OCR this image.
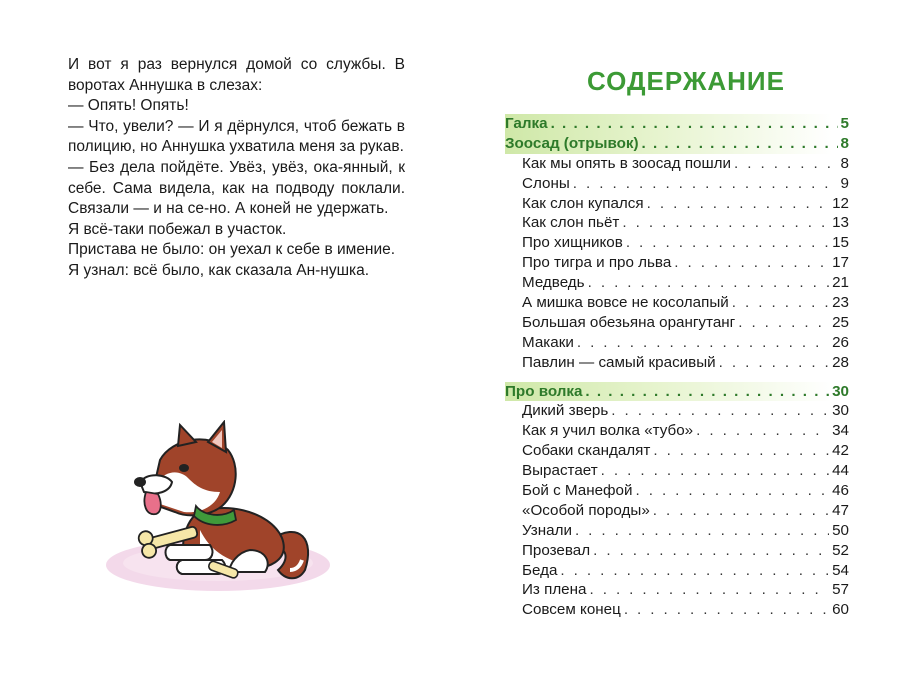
И вот я раз вернулся домой со службы. В воротах Аннушка в слезах:

— Опять! Опять!

— Что, увели? — И я дёрнулся, чтоб бежать в полицию, но Аннушка ухватила меня за рукав.

— Без дела пойдёте. Увёз, увёз, ока-янный, к себе. Сама видела, как на подводу поклали. Связали — и на се-но. А коней не удержать.

Я всё-таки побежал в участок.

Пристава не было: он уехал к себе в имение.

Я узнал: всё было, как сказала Ан-нушка.

СОДЕРЖАНИЕ
Галка . . .	5
Зоосад (отрывок) . . .	8
Как мы опять в зоосад пошли . . .	8
Слоны . . .	9
Как слон купался . . .	12
Как слон пьёт . . .	13
Про хищников . . .	15
Про тигра и про льва . . .	17
Медведь . . .	21
А мишка вовсе не косолапый . . .	23
Большая обезьяна орангутанг . . .	25
Макаки . . .	26
Павлин — самый красивый . . .	28
Про волка . . .	30
Дикий зверь . . .	30
Как я учил волка «тубо» . . .	34
Собаки скандалят . . .	42
Вырастает . . .	44
Бой с Манефой . . .	46
«Особой породы» . . .	47
Узнали . . .	50
Прозевал . . .	52
Беда . . .	54
Из плена . . .	57
Совсем конец . . .	60
